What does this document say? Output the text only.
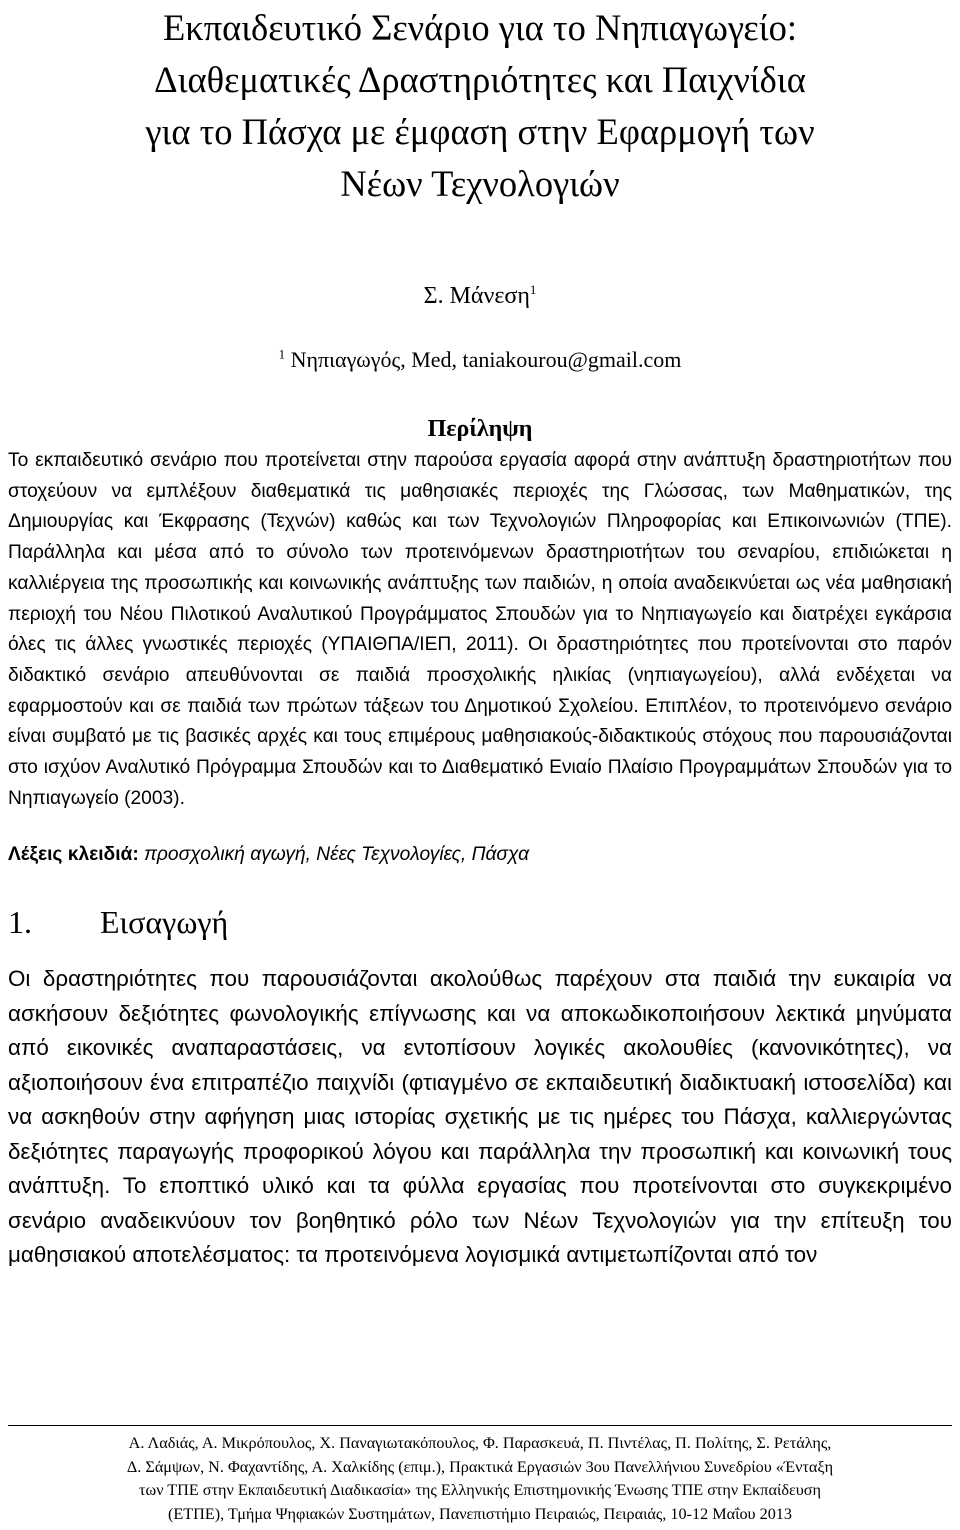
Εκπαιδευτικό Σενάριο για το Νηπιαγωγείο:
Διαθεματικές Δραστηριότητες και Παιχνίδια
για το Πάσχα με έμφαση στην Εφαρμογή των
Νέων Τεχνολογιών
Σ. Μάνεση$^1$
$^1$ Νηπιαγωγός, Med, taniakourou@gmail.com
Περίληψη

Το εκπαιδευτικό σενάριο που προτείνεται στην παρούσα εργασία αφορά στην ανάπτυξη δραστηριοτήτων που στοχεύουν να εμπλέξουν διαθεματικά τις μαθησιακές περιοχές της Γλώσσας, των Μαθηματικών, της Δημιουργίας και Έκφρασης (Τεχνών) καθώς και των Τεχνολογιών Πληροφορίας και Επικοινωνιών (ΤΠΕ). Παράλληλα και μέσα από το σύνολο των προτεινόμενων δραστηριοτήτων του σεναρίου, επιδιώκεται η καλλιέργεια της προσωπικής και κοινωνικής ανάπτυξης των παιδιών, η οποία αναδεικνύεται ως νέα μαθησιακή περιοχή του Νέου Πιλοτικού Αναλυτικού Προγράμματος Σπουδών για το Νηπιαγωγείο και διατρέχει εγκάρσια όλες τις άλλες γνωστικές περιοχές (ΥΠΑΙΘΠΑ/ΙΕΠ, 2011). Οι δραστηριότητες που προτείνονται στο παρόν διδακτικό σενάριο απευθύνονται σε παιδιά προσχολικής ηλικίας (νηπιαγωγείου), αλλά ενδέχεται να εφαρμοστούν και σε παιδιά των πρώτων τάξεων του Δημοτικού Σχολείου. Επιπλέον, το προτεινόμενο σενάριο είναι συμβατό με τις βασικές αρχές και τους επιμέρους μαθησιακούς-διδακτικούς στόχους που παρουσιάζονται στο ισχύον Αναλυτικό Πρόγραμμα Σπουδών και το Διαθεματικό Ενιαίο Πλαίσιο Προγραμμάτων Σπουδών για το Νηπιαγωγείο (2003).

Λέξεις κλειδιά: προσχολική αγωγή, Νέες Τεχνολογίες, Πάσχα
1. Εισαγωγή

Οι δραστηριότητες που παρουσιάζονται ακολούθως παρέχουν στα παιδιά την ευκαιρία να ασκήσουν δεξιότητες φωνολογικής επίγνωσης και να αποκωδικοποιήσουν λεκτικά μηνύματα από εικονικές αναπαραστάσεις, να εντοπίσουν λογικές ακολουθίες (κανονικότητες), να αξιοποιήσουν ένα επιτραπέζιο παιχνίδι (φτιαγμένο σε εκπαιδευτική διαδικτυακή ιστοσελίδα) και να ασκηθούν στην αφήγηση μιας ιστορίας σχετικής με τις ημέρες του Πάσχα, καλλιεργώντας δεξιότητες παραγωγής προφορικού λόγου και παράλληλα την προσωπική και κοινωνική τους ανάπτυξη. Το εποπτικό υλικό και τα φύλλα εργασίας που προτείνονται στο συγκεκριμένο σενάριο αναδεικνύουν τον βοηθητικό ρόλο των Νέων Τεχνολογιών για την επίτευξη του μαθησιακού αποτελέσματος: τα προτεινόμενα λογισμικά αντιμετωπίζονται από τον

Α. Λαδιάς, Α. Μικρόπουλος, Χ. Παναγιωτακόπουλος, Φ. Παρασκευά, Π. Πιντέλας, Π. Πολίτης, Σ. Ρετάλης,
Δ. Σάμψων, Ν. Φαχαντίδης, Α. Χαλκίδης (επιμ.), Πρακτικά Εργασιών 3ου Πανελλήνιου Συνεδρίου «Ένταξη
των ΤΠΕ στην Εκπαιδευτική Διαδικασία» της Ελληνικής Επιστημονικής Ένωσης ΤΠΕ στην Εκπαίδευση
(ΕΤΠΕ), Τμήμα Ψηφιακών Συστημάτων, Πανεπιστήμιο Πειραιώς, Πειραιάς, 10-12 Μαΐου 2013
